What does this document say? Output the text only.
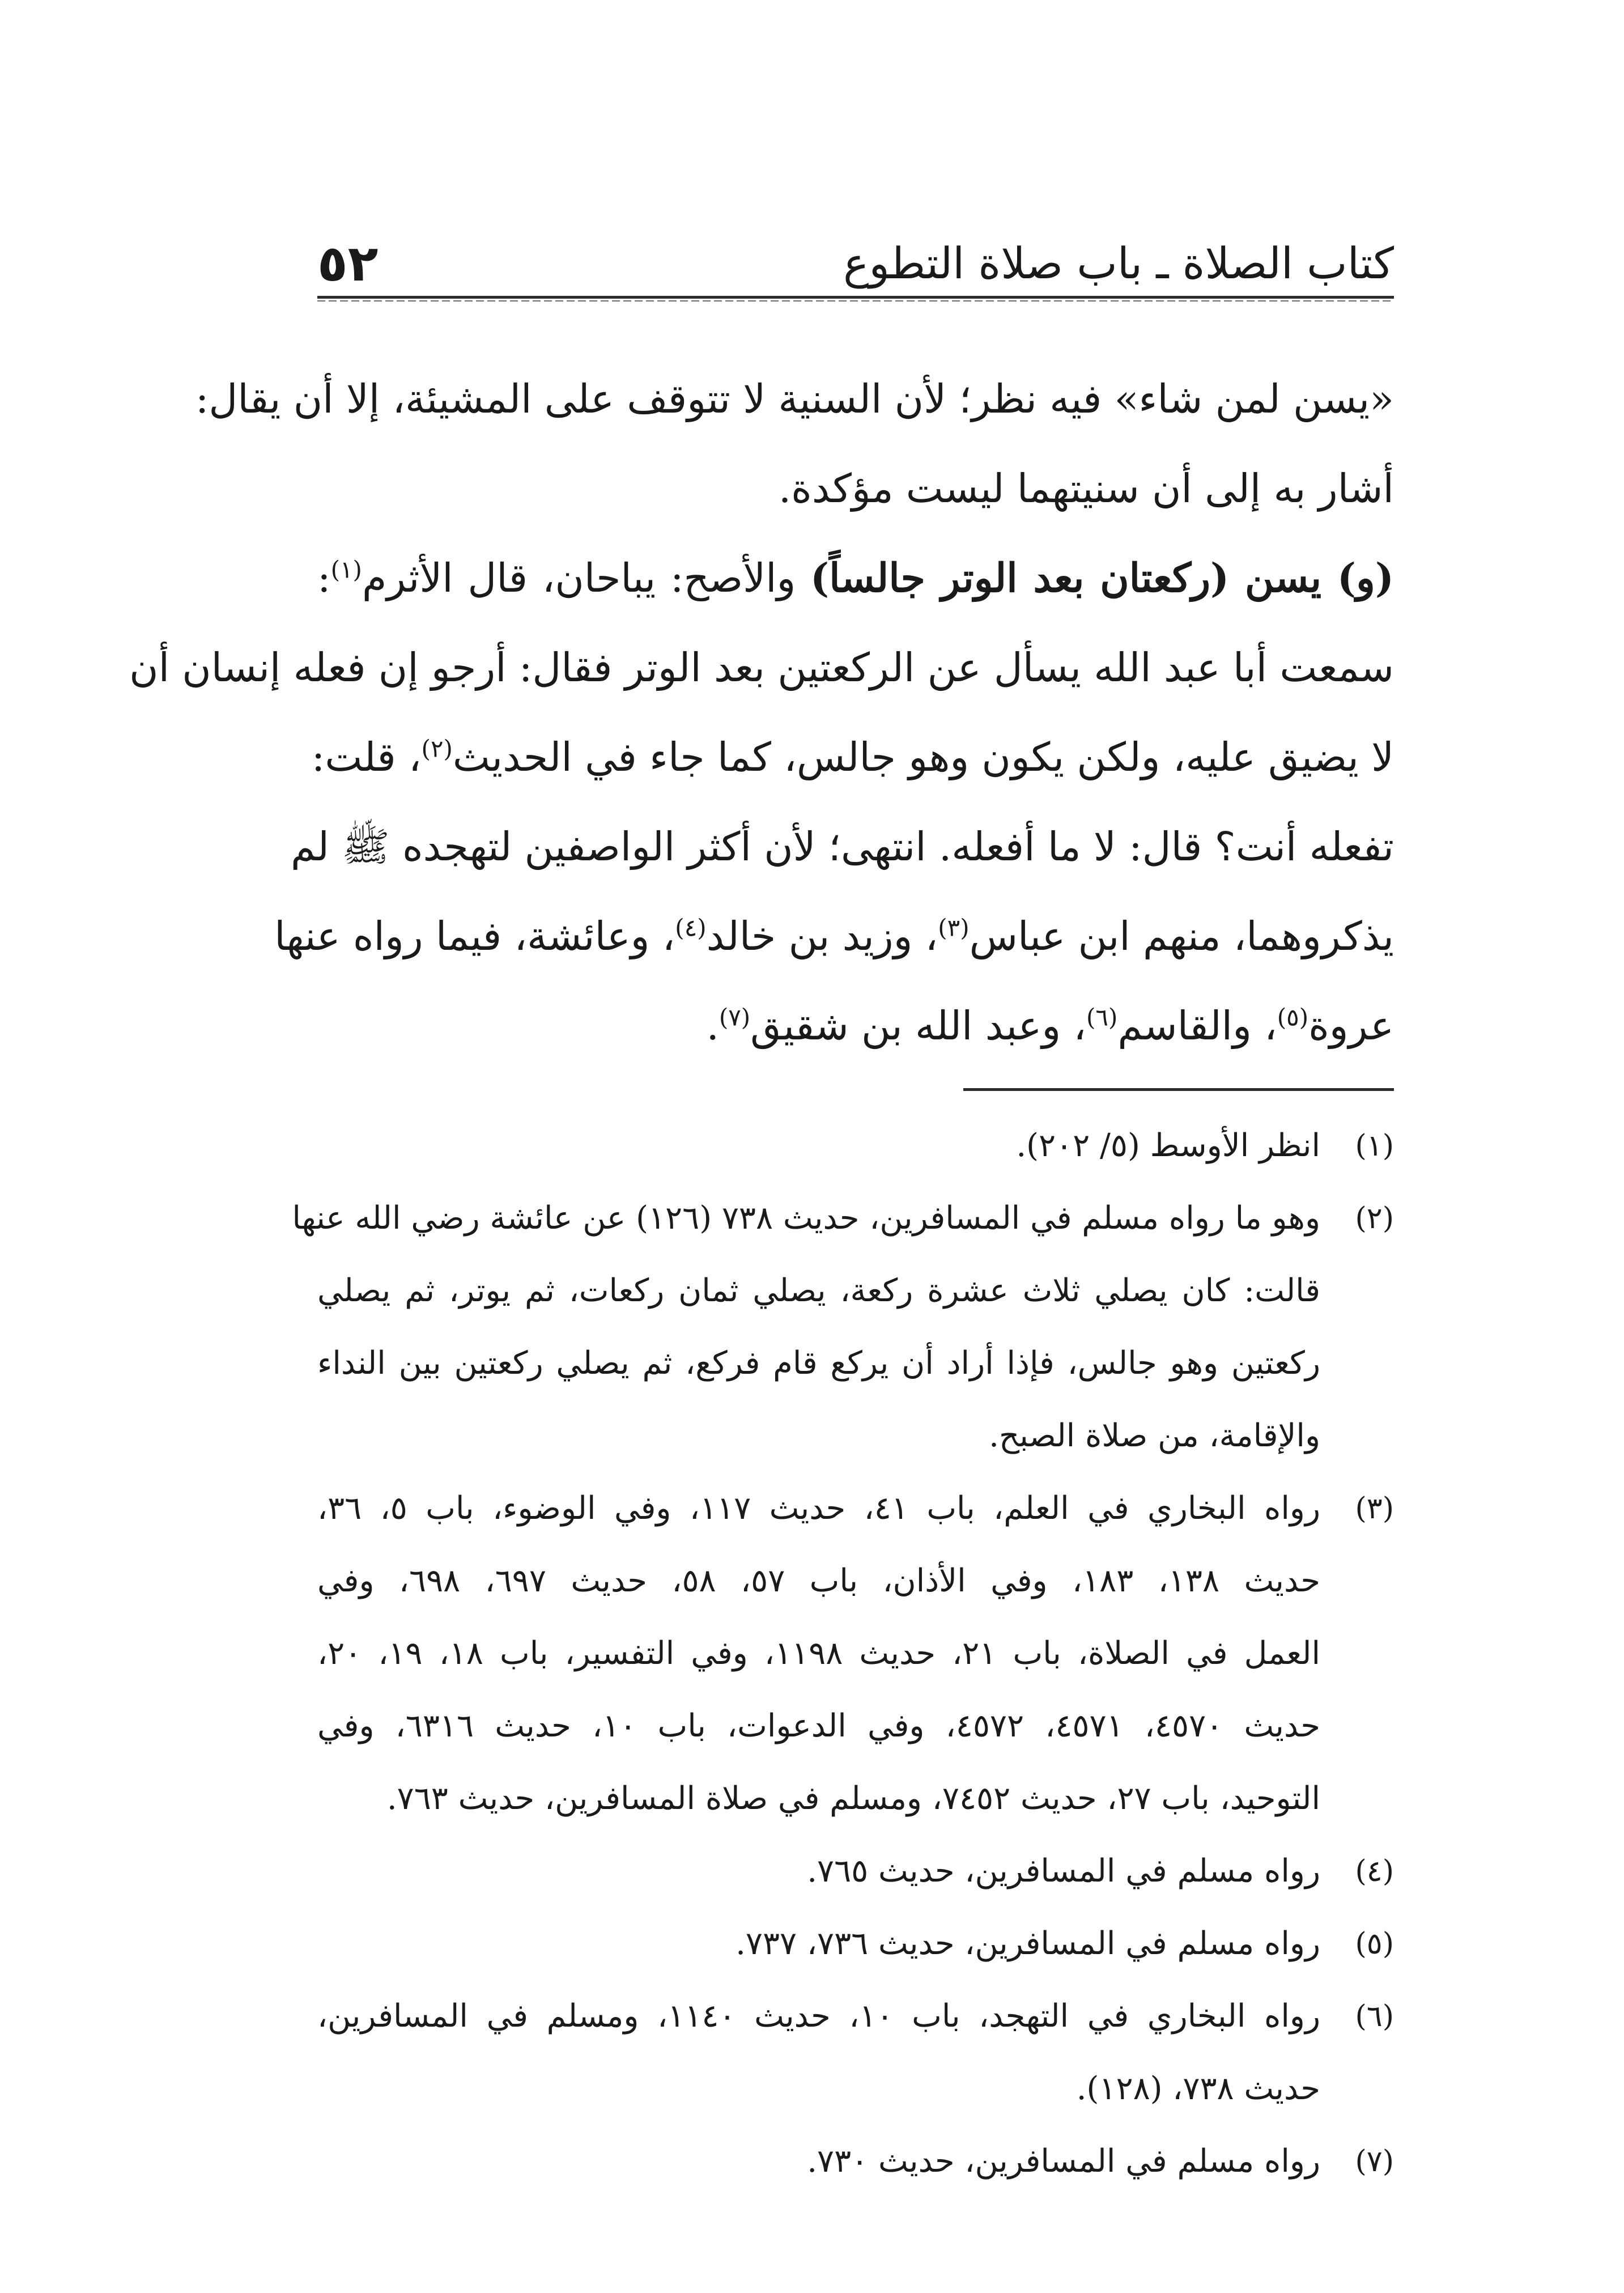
كتاب الصلاة ـ باب صلاة التطوع
٥٢
«يسن لمن شاء» فيه نظر؛ لأن السنية لا تتوقف على المشيئة، إلا أن يقال:
أشار به إلى أن سنيتهما ليست مؤكدة.
(و) يسن (ركعتان بعد الوتر جالساً) والأصح: يباحان، قال الأثرم$^{(١)}$:
سمعت أبا عبد الله يسأل عن الركعتين بعد الوتر فقال: أرجو إن فعله إنسان أن
لا يضيق عليه، ولكن يكون وهو جالس، كما جاء في الحديث$^{(٢)}$، قلت:
تفعله أنت؟ قال: لا ما أفعله. انتهى؛ لأن أكثر الواصفين لتهجده ﷺ لم
يذكروهما، منهم ابن عباس$^{(٣)}$، وزيد بن خالد$^{(٤)}$، وعائشة، فيما رواه عنها
عروة$^{(٥)}$، والقاسم$^{(٦)}$، وعبد الله بن شقيق$^{(٧)}$.
(١)
انظر الأوسط (٥/ ٢٠٢).
(٢)
وهو ما رواه مسلم في المسافرين، حديث ٧٣٨ (١٢٦) عن عائشة رضي الله عنها
قالت: كان يصلي ثلاث عشرة ركعة، يصلي ثمان ركعات، ثم يوتر، ثم يصلي
ركعتين وهو جالس، فإذا أراد أن يركع قام فركع، ثم يصلي ركعتين بين النداء
والإقامة، من صلاة الصبح.
(٣)
رواه البخاري في العلم، باب ٤١، حديث ١١٧، وفي الوضوء، باب ٥، ٣٦،
حديث ١٣٨، ١٨٣، وفي الأذان، باب ٥٧، ٥٨، حديث ٦٩٧، ٦٩٨، وفي
العمل في الصلاة، باب ٢١، حديث ١١٩٨، وفي التفسير، باب ١٨، ١٩، ٢٠،
حديث ٤٥٧٠، ٤٥٧١، ٤٥٧٢، وفي الدعوات، باب ١٠، حديث ٦٣١٦، وفي
التوحيد، باب ٢٧، حديث ٧٤٥٢، ومسلم في صلاة المسافرين، حديث ٧٦٣.
(٤)
رواه مسلم في المسافرين، حديث ٧٦٥.
(٥)
رواه مسلم في المسافرين، حديث ٧٣٦، ٧٣٧.
(٦)
رواه البخاري في التهجد، باب ١٠، حديث ١١٤٠، ومسلم في المسافرين،
حديث ٧٣٨، (١٢٨).
(٧)
رواه مسلم في المسافرين، حديث ٧٣٠.
